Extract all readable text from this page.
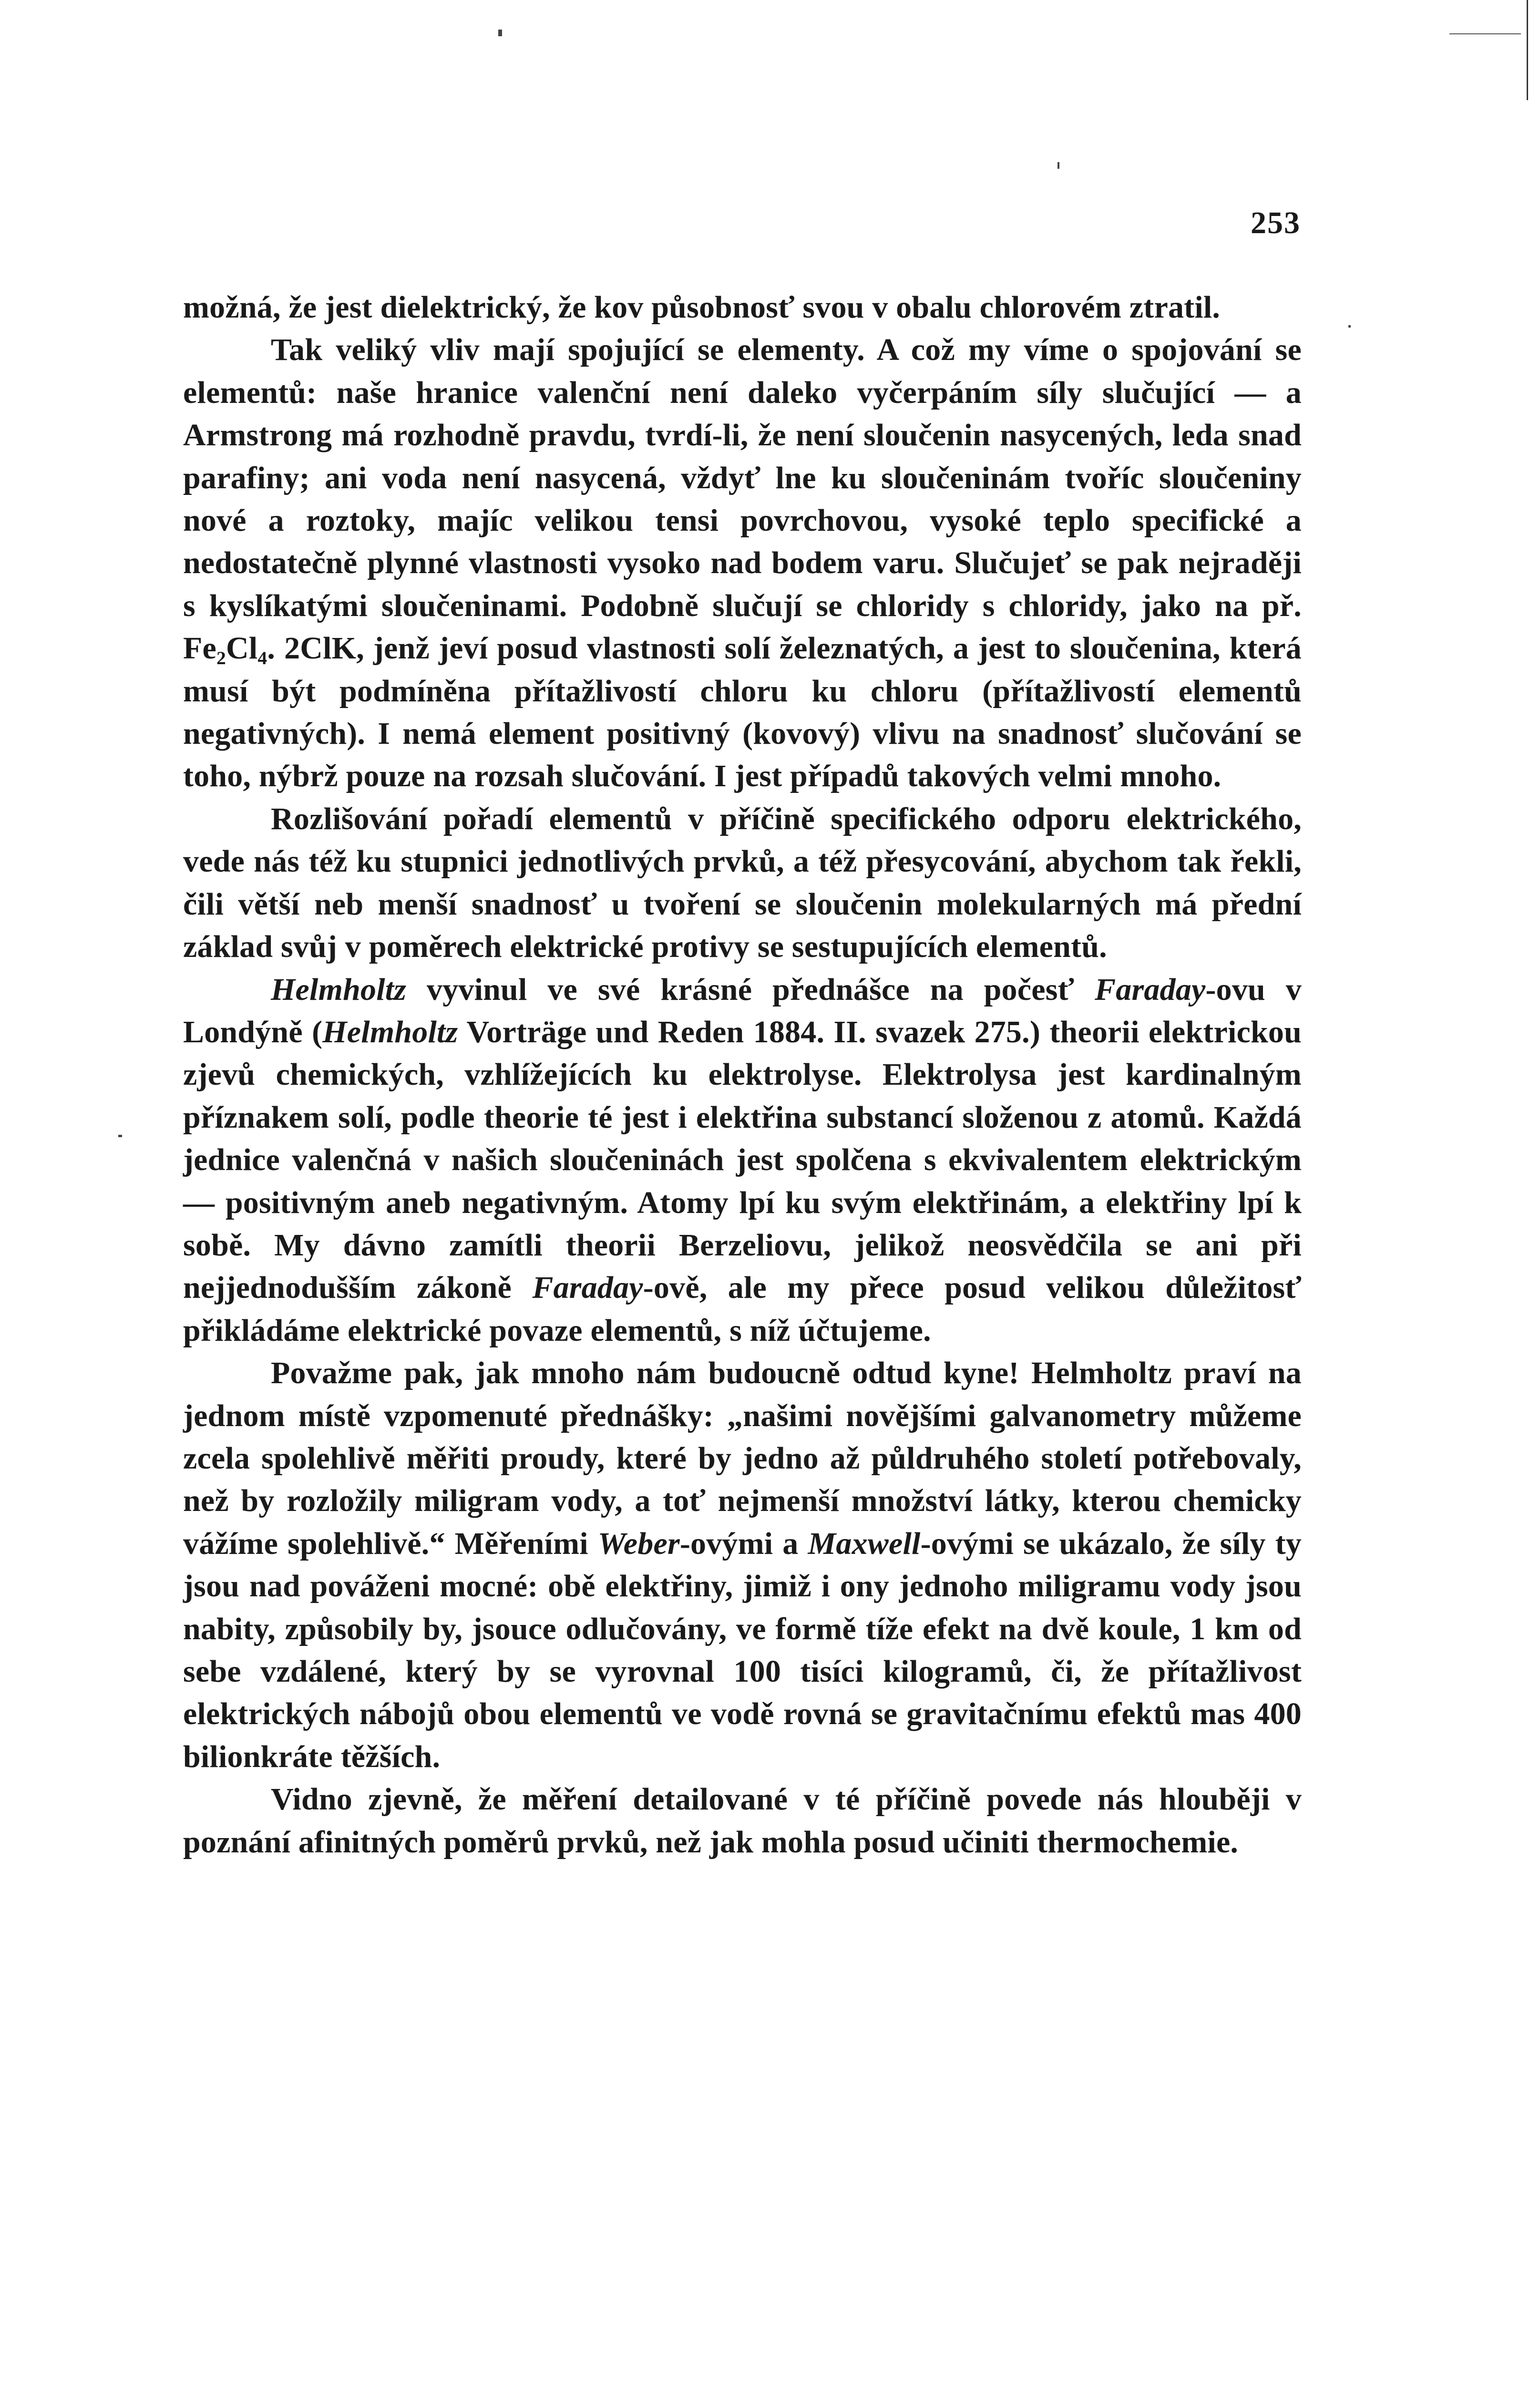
253

možná, že jest dielektrický, že kov působnosť svou v obalu chlorovém ztratil.

Tak veliký vliv mají spojující se elementy. A což my víme o spojování se elementů: naše hranice valenční není daleko vyčerpáním síly slučující — a Armstrong má rozhodně pravdu, tvrdí-li, že není sloučenin nasycených, leda snad parafiny; ani voda není nasycená, vždyť lne ku sloučeninám tvoříc sloučeniny nové a roztoky, majíc velikou tensi povrchovou, vysoké teplo specifické a nedostatečně plynné vlastnosti vysoko nad bodem varu. Slučujeť se pak nejraději s kyslíkatými sloučeninami. Podobně slučují se chloridy s chloridy, jako na př. $Fe_2Cl_4$. 2ClK, jenž jeví posud vlastnosti solí železnatých, a jest to sloučenina, která musí být podmíněna přítažlivostí chloru ku chloru (přítažlivostí elementů negativných). I nemá element positivný (kovový) vlivu na snadnosť slučování se toho, nýbrž pouze na rozsah slučování. I jest případů takových velmi mnoho.

Rozlišování pořadí elementů v příčině specifického odporu elektrického, vede nás též ku stupnici jednotlivých prvků, a též přesycování, abychom tak řekli, čili větší neb menší snadnosť u tvoření se sloučenin molekularných má přední základ svůj v poměrech elektrické protivy se sestupujících elementů.

Helmholtz vyvinul ve své krásné přednášce na počesť Faraday-ovu v Londýně (Helmholtz Vorträge und Reden 1884. II. svazek 275.) theorii elektrickou zjevů chemických, vzhlížejících ku elektrolyse. Elektrolysa jest kardinalným příznakem solí, podle theorie té jest i elektřina substancí složenou z atomů. Každá jednice valenčná v našich sloučeninách jest spolčena s ekvivalentem elektrickým — positivným aneb negativným. Atomy lpí ku svým elektřinám, a elektřiny lpí k sobě. My dávno zamítli theorii Berzeliovu, jelikož neosvědčila se ani při nejjednodušším zákoně Faraday-ově, ale my přece posud velikou důležitosť přikládáme elektrické povaze elementů, s níž účtujeme.

Považme pak, jak mnoho nám budoucně odtud kyne! Helmholtz praví na jednom místě vzpomenuté přednášky: „našimi novějšími galvanometry můžeme zcela spolehlivě měřiti proudy, které by jedno až půldruhého století potřebovaly, než by rozložily miligram vody, a toť nejmenší množství látky, kterou chemicky vážíme spolehlivě.“ Měřeními Weber-ovými a Maxwell-ovými se ukázalo, že síly ty jsou nad pováženi mocné: obě elektřiny, jimiž i ony jednoho miligramu vody jsou nabity, způsobily by, jsouce odlučovány, ve formě tíže efekt na dvě koule, 1 km od sebe vzdálené, který by se vyrovnal 100 tisíci kilogramů, či, že přítažlivost elektrických nábojů obou elementů ve vodě rovná se gravitačnímu efektů mas 400 bilionkráte těžších.

Vidno zjevně, že měření detailované v té příčině povede nás hlouběji v poznání afinitných poměrů prvků, než jak mohla posud učiniti thermochemie.
